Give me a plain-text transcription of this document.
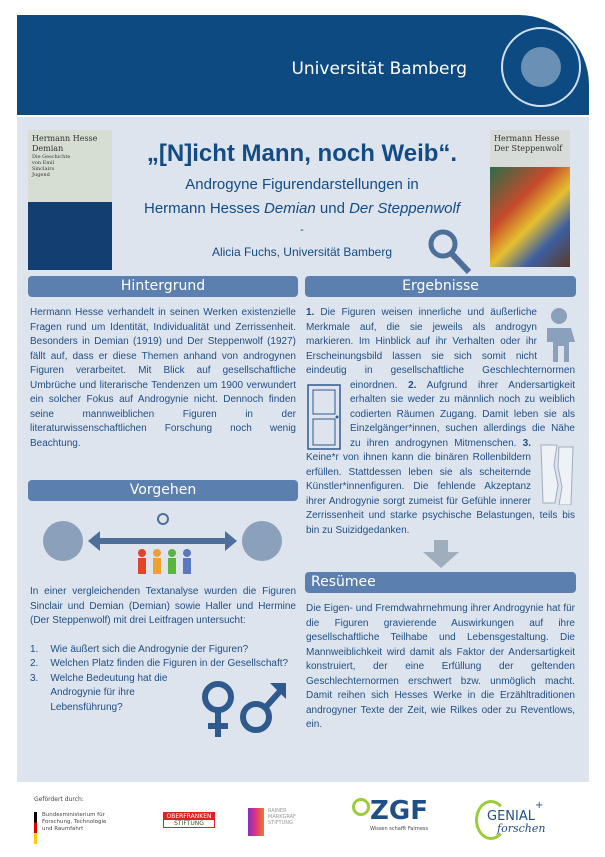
Universität Bamberg
Hermann Hesse
Demian
Die Geschichte von Emil Sinclairs Jugend
Hermann Hesse
Der Steppenwolf
„[N]icht Mann, noch Weib“.
Androgyne Figurendarstellungen in
Hermann Hesses Demian und Der Steppenwolf
-
Alicia Fuchs, Universität Bamberg
Hintergrund
Hermann Hesse verhandelt in seinen Werken existenzielle Fragen rund um Identität, Individualität und Zerrissenheit. Besonders in Demian (1919) und Der Steppenwolf (1927) fällt auf, dass er diese Themen anhand von androgynen Figuren verarbeitet. Mit Blick auf gesellschaftliche Umbrüche und literarische Tendenzen um 1900 verwundert ein solcher Fokus auf Androgynie nicht. Dennoch finden seine mannweiblichen Figuren in der literaturwissenschaftlichen Forschung noch wenig Beachtung.
Vorgehen
In einer vergleichenden Textanalyse wurden die Figuren Sinclair und Demian (Demian) sowie Haller und Hermine (Der Steppenwolf) mit drei Leitfragen untersucht:
1. Wie äußert sich die Androgynie der Figuren?
2. Welchen Platz finden die Figuren in der Gesellschaft?
3. Welche Bedeutung hat die Androgynie für ihre Lebensführung?
Ergebnisse
1. Die Figuren weisen innerliche und äußerliche Merkmale auf, die sie jeweils als androgyn markieren. Im Hinblick auf ihr Verhalten oder ihr Erscheinungsbild lassen sie sich somit nicht eindeutig in gesellschaftliche Geschlechternormen einordnen.
2. Aufgrund ihrer Andersartigkeit erhalten sie weder zu männlich noch zu weiblich codierten Räumen Zugang. Damit leben sie als Einzelgänger*innen, suchen allerdings die Nähe zu ihren androgynen Mitmenschen.
3. Keine*r von ihnen kann die binären Rollenbildern erfüllen. Stattdessen leben sie als scheiternde Künstler*innenfiguren. Die fehlende Akzeptanz ihrer Androgynie sorgt zumeist für Gefühle innerer Zerrissenheit und starke psychische Belastungen, teils bis bin zu Suizidgedanken.
Resümee
Die Eigen- und Fremdwahrnehmung ihrer Androgynie hat für die Figuren gravierende Auswirkungen auf ihre gesellschaftliche Teilhabe und Lebensgestaltung. Die Mannweiblichkeit wird damit als Faktor der Andersartigkeit konstruiert, der eine Erfüllung der geltenden Geschlechternormen erschwert bzw. unmöglich macht. Damit reihen sich Hesses Werke in die Erzähltraditionen androgyner Texte der Zeit, wie Rilkes oder zu Reventlows, ein.
Gefördert durch:
Bundesministerium für Forschung, Technologie und Raumfahrt
OBERFRANKEN
STIFTUNG
RAINER MARKGRAF STIFTUNG	ZGF
Wissen schafft Fairness
GENIAL+
forschen
